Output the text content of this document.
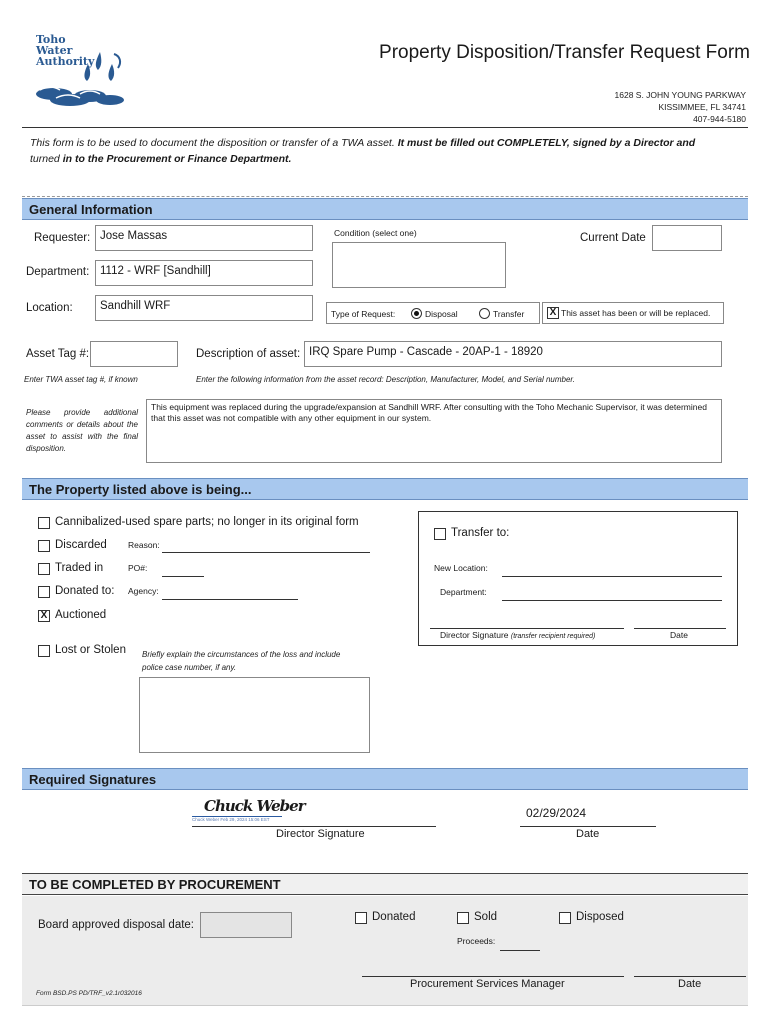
Toho
Water
Authority	Property Disposition/Transfer Request Form
1628 S. JOHN YOUNG PARKWAY
KISSIMMEE, FL 34741
407-944-5180
This form is to be used to document the disposition or transfer of a TWA asset. It must be filled out COMPLETELY, signed by a Director and
turned in to the Procurement or Finance Department.
General Information
Requester: Jose Massas	Condition (select one)	Current Date
Department: 1112 - WRF [Sandhill]
Location:	Sandhill WRF
Type of Request:	Disposal	Transfer	X This asset has been or will be replaced.
Asset Tag #:	Description of asset: IRQ Spare Pump - Cascade - 20AP-1 - 18920
Enter TWA asset tag #, if known	Enter the following information from the asset record: Description, Manufacturer, Model, and Serial number.
Please provide additional comments or details about the asset to assist with the final disposition.
This equipment was replaced during the upgrade/expansion at Sandhill WRF. After consulting with the Toho Mechanic Supervisor, it was determined that this asset was not compatible with any other equipment in our system.
The Property listed above is being...
Cannibalized-used spare parts; no longer in its original form
Discarded Reason:
Traded in	PO#:
Donated to: Agency:
X Auctioned
Lost or Stolen Briefly explain the circumstances of the loss and include police case number, if any.
Transfer to:
New Location:
Department:
Director Signature (transfer recipient required)	Date
Required Signatures
Chuck Weber
Chuck Weber Feb 29, 2024 15:06 EST
Director Signature
02/29/2024
Date
TO BE COMPLETED BY PROCUREMENT
Board approved disposal date:
Donated	Sold
Proceeds:
Disposed
Procurement Services Manager	Date
Form BSD.PS PD/TRF_v2.1r032016
